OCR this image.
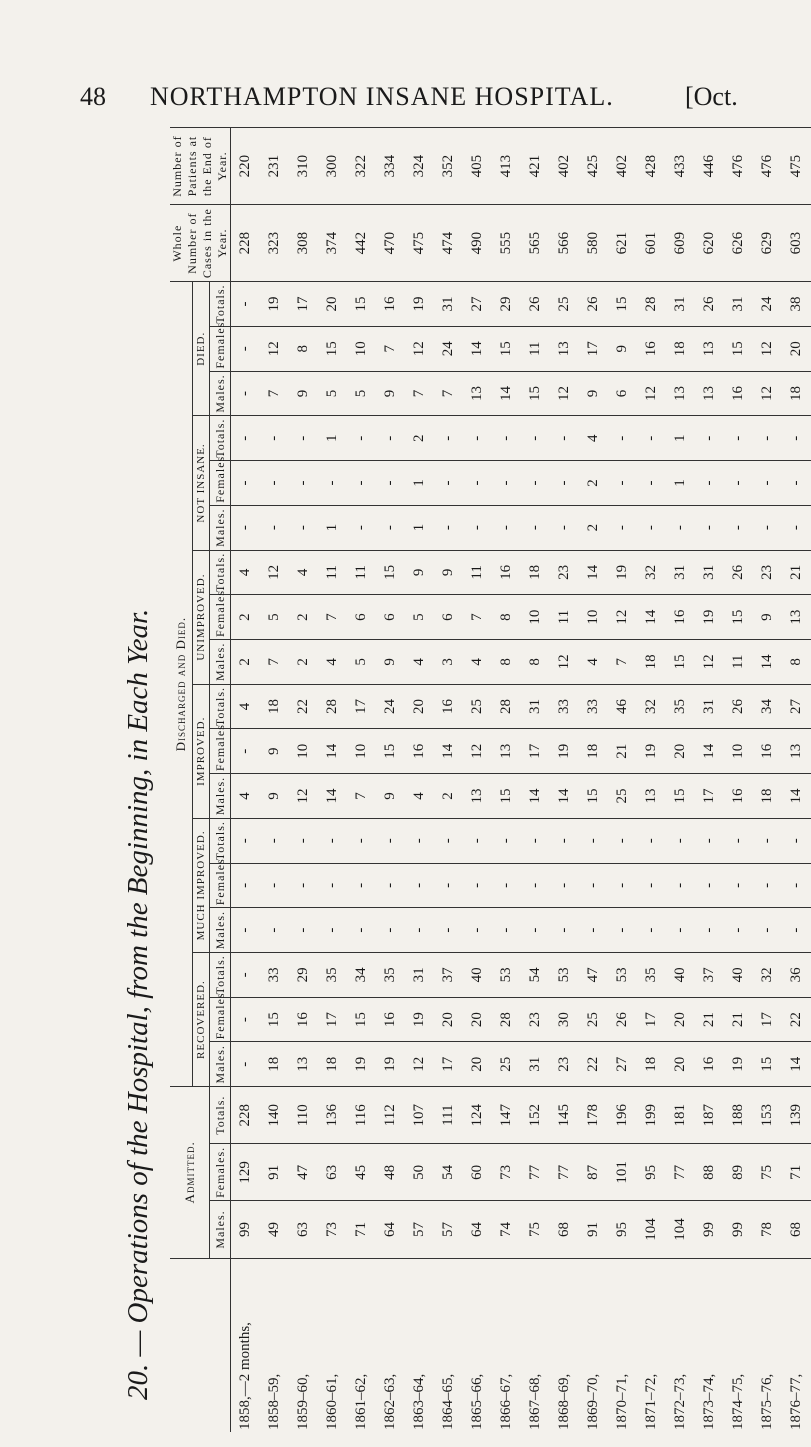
48 NORTHAMPTON INSANE HOSPITAL.	[Oct.
20. — Operations of the Hospital, from the Beginning, in Each Year.
	Admitted.			Discharged and Died.																		Whole Number of Cases in the Year.	Number of Patients at the End of Year.
				RECOVERED.			MUCH IMPROVED.			IMPROVED.			UNIMPROVED.			NOT INSANE.			DIED.				
	Males.	Females.	Totals.	Males.	Females.	Totals.	Males.	Females.	Totals.	Males.	Females.	Totals.	Males.	Females.	Totals.	Males.	Females.	Totals.	Males.	Females.	Totals.		
1858,—2 months,	99	129	228	-	-	-	-	-	-	4	-	4	2	2	4	-	-	-	-	-	-	228	220
1858–59,	49	91	140	18	15	33	-	-	-	9	9	18	7	5	12	-	-	-	7	12	19	323	231
1859–60,	63	47	110	13	16	29	-	-	-	12	10	22	2	2	4	-	-	-	9	8	17	308	310
1860–61,	73	63	136	18	17	35	-	-	-	14	14	28	4	7	11	1	-	1	5	15	20	374	300
1861–62,	71	45	116	19	15	34	-	-	-	7	10	17	5	6	11	-	-	-	5	10	15	442	322
1862–63,	64	48	112	19	16	35	-	-	-	9	15	24	9	6	15	-	-	-	9	7	16	470	334
1863–64,	57	50	107	12	19	31	-	-	-	4	16	20	4	5	9	1	1	2	7	12	19	475	324
1864–65,	57	54	111	17	20	37	-	-	-	2	14	16	3	6	9	-	-	-	7	24	31	474	352
1865–66,	64	60	124	20	20	40	-	-	-	13	12	25	4	7	11	-	-	-	13	14	27	490	405
1866–67,	74	73	147	25	28	53	-	-	-	15	13	28	8	8	16	-	-	-	14	15	29	555	413
1867–68,	75	77	152	31	23	54	-	-	-	14	17	31	8	10	18	-	-	-	15	11	26	565	421
1868–69,	68	77	145	23	30	53	-	-	-	14	19	33	12	11	23	-	-	-	12	13	25	566	402
1869–70,	91	87	178	22	25	47	-	-	-	15	18	33	4	10	14	2	2	4	9	17	26	580	425
1870–71,	95	101	196	27	26	53	-	-	-	25	21	46	7	12	19	-	-	-	6	9	15	621	402
1871–72,	104	95	199	18	17	35	-	-	-	13	19	32	18	14	32	-	-	-	12	16	28	601	428
1872–73,	104	77	181	20	20	40	-	-	-	15	20	35	15	16	31	-	1	1	13	18	31	609	433
1873–74,	99	88	187	16	21	37	-	-	-	17	14	31	12	19	31	-	-	-	13	13	26	620	446
1874–75,	99	89	188	19	21	40	-	-	-	16	10	26	11	15	26	-	-	-	16	15	31	626	476
1875–76,	78	75	153	15	17	32	-	-	-	18	16	34	14	9	23	-	-	-	12	12	24	629	476
1876–77,	68	71	139	14	22	36	-	-	-	14	13	27	8	13	21	-	-	-	18	20	38	603	475
